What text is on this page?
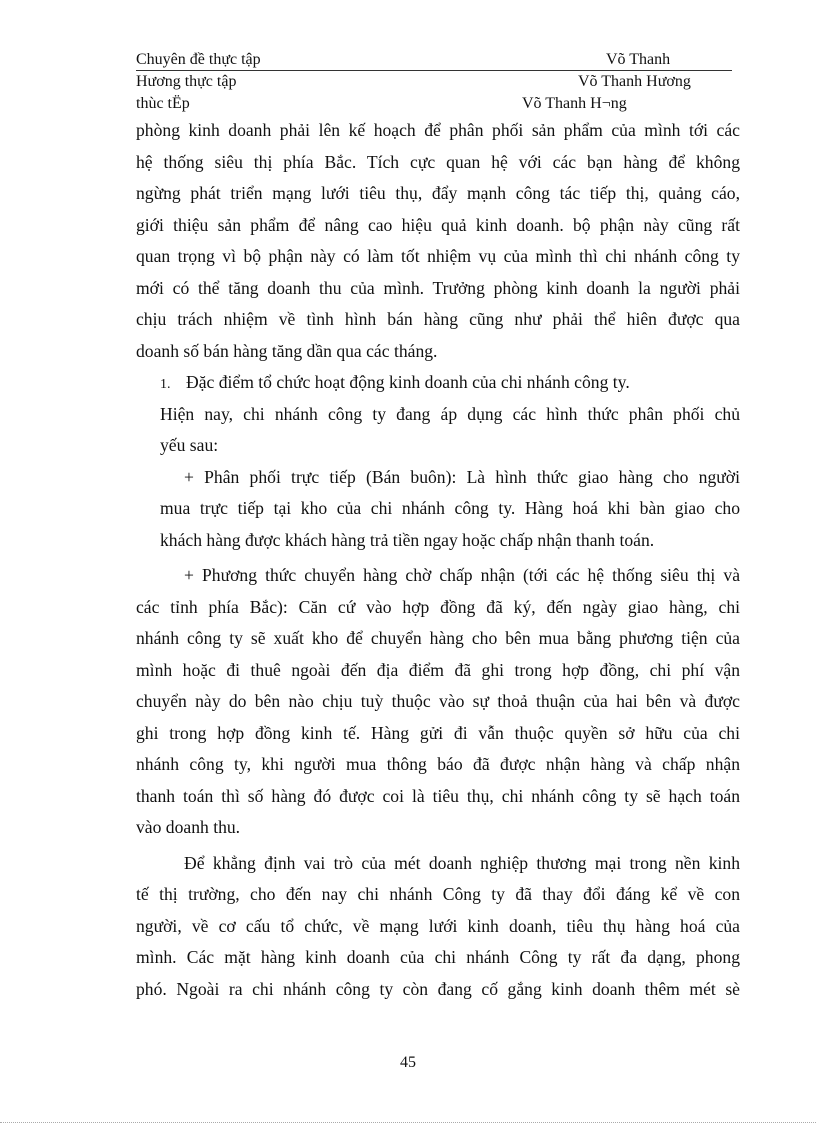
Chuyên đề thực tập	Võ Thanh
Hương thực tập	Võ Thanh Hương
thùc tËp	Võ Thanh H¬ng
phòng kinh doanh phải lên kế hoạch để phân phối sản phẩm của mình tới các
hệ thống siêu thị phía Bắc. Tích cực quan hệ với các bạn hàng để không
ngừng phát triển mạng lưới tiêu thụ, đẩy mạnh công tác tiếp thị, quảng cáo,
giới thiệu sản phẩm để nâng cao hiệu quả kinh doanh. bộ phận này cũng rất
quan trọng vì bộ phận này có làm tốt nhiệm vụ của mình thì chi nhánh công ty
mới có thể tăng doanh thu của mình. Trưởng phòng kinh doanh la người phải
chịu trách nhiệm về tình hình bán hàng cũng như phải thể hiên được qua
doanh số bán hàng tăng dần qua các tháng.
1. Đặc điểm tổ chức hoạt động kinh doanh của chi nhánh công ty.
Hiện nay, chi nhánh công ty đang áp dụng các hình thức phân phối chủ
yếu sau:
+ Phân phối trực tiếp (Bán buôn): Là hình thức giao hàng cho người
mua trực tiếp tại kho của chi nhánh công ty. Hàng hoá khi bàn giao cho
khách hàng được khách hàng trả tiền ngay hoặc chấp nhận thanh toán.
+ Phương thức chuyển hàng chờ chấp nhận (tới các hệ thống siêu thị và
các tỉnh phía Bắc): Căn cứ vào hợp đồng đã ký, đến ngày giao hàng, chi
nhánh công ty sẽ xuất kho để chuyển hàng cho bên mua bằng phương tiện của
mình hoặc đi thuê ngoài đến địa điểm đã ghi trong hợp đồng, chi phí vận
chuyển này do bên nào chịu tuỳ thuộc vào sự thoả thuận của hai bên và được
ghi trong hợp đồng kinh tế. Hàng gửi đi vẫn thuộc quyền sở hữu của chi
nhánh công ty, khi người mua thông báo đã được nhận hàng và chấp nhận
thanh toán thì số hàng đó được coi là tiêu thụ, chi nhánh công ty sẽ hạch toán
vào doanh thu.
Để khẳng định vai trò của mét doanh nghiệp thương mại trong nền kinh
tế thị trường, cho đến nay chi nhánh Công ty đã thay đổi đáng kể về con
người, về cơ cấu tổ chức, về mạng lưới kinh doanh, tiêu thụ hàng hoá của
mình. Các mặt hàng kinh doanh của chi nhánh Công ty rất đa dạng, phong
phó. Ngoài ra chi nhánh công ty còn đang cố gắng kinh doanh thêm mét sè
45
